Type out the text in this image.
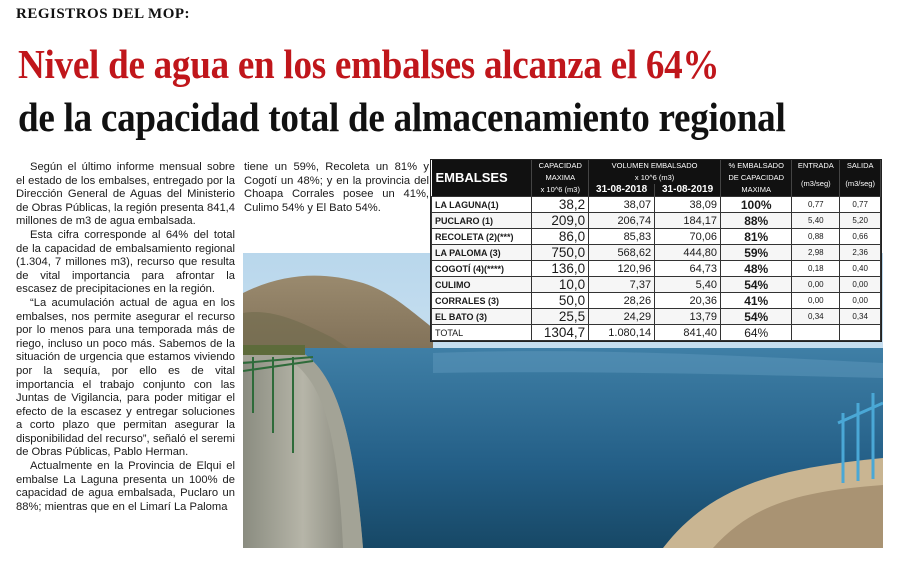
REGISTROS DEL MOP:
Nivel de agua en los embalses alcanza el 64%
de la capacidad total de almacenamiento regional

Según el último informe mensual sobre el estado de los embalses, entregado por la Dirección General de Aguas del Ministerio de Obras Públicas, la región presenta 841,4 millones de m3 de agua embalsada.

Esta cifra corresponde al 64% del total de la capacidad de embalsamiento regional (1.304, 7 millones m3), recurso que resulta de vital importancia para afrontar la escasez de precipitaciones en la región.

“La acumulación actual de agua en los embalses, nos permite asegurar el recurso por lo menos para una temporada más de riego, incluso un poco más. Sabemos de la situación de urgencia que estamos viviendo por la sequía, por ello es de vital importancia el trabajo conjunto con las Juntas de Vigilancia, para poder mitigar el efecto de la escasez y entregar soluciones a corto plazo que permitan asegurar la disponibilidad del recurso”, señaló el seremi de Obras Públicas, Pablo Herman.

Actualmente en la Provincia de Elqui el embalse La Laguna presenta un 100% de capacidad de agua embalsada, Puclaro un 88%; mientras que en el Limarí La Paloma

tiene un 59%, Recoleta un 81% y Cogotí un 48%; y en la provincia del Choapa Corrales posee un 41%, Culimo 54% y El Bato 54%.

EMBALSES	CAPACIDAD	VOLUMEN EMBALSADO		% EMBALSADO	ENTRADA	SALIDA
	MAXIMA	x 10^6 (m3)		DE CAPACIDAD	(m3/seg)	(m3/seg)
	x 10^6 (m3)	31-08-2018	31-08-2019	MAXIMA		
LA LAGUNA(1)	38,2	38,07	38,09	100%	0,77	0,77
PUCLARO (1)	209,0	206,74	184,17	88%	5,40	5,20
RECOLETA (2)(***)	86,0	85,83	70,06	81%	0,88	0,66
LA PALOMA (3)	750,0	568,62	444,80	59%	2,98	2,36
COGOTÍ (4)(****)	136,0	120,96	64,73	48%	0,18	0,40
CULIMO	10,0	7,37	5,40	54%	0,00	0,00
CORRALES (3)	50,0	28,26	20,36	41%	0,00	0,00
EL BATO (3)	25,5	24,29	13,79	54%	0,34	0,34
TOTAL	1304,7	1.080,14	841,40	64%		
